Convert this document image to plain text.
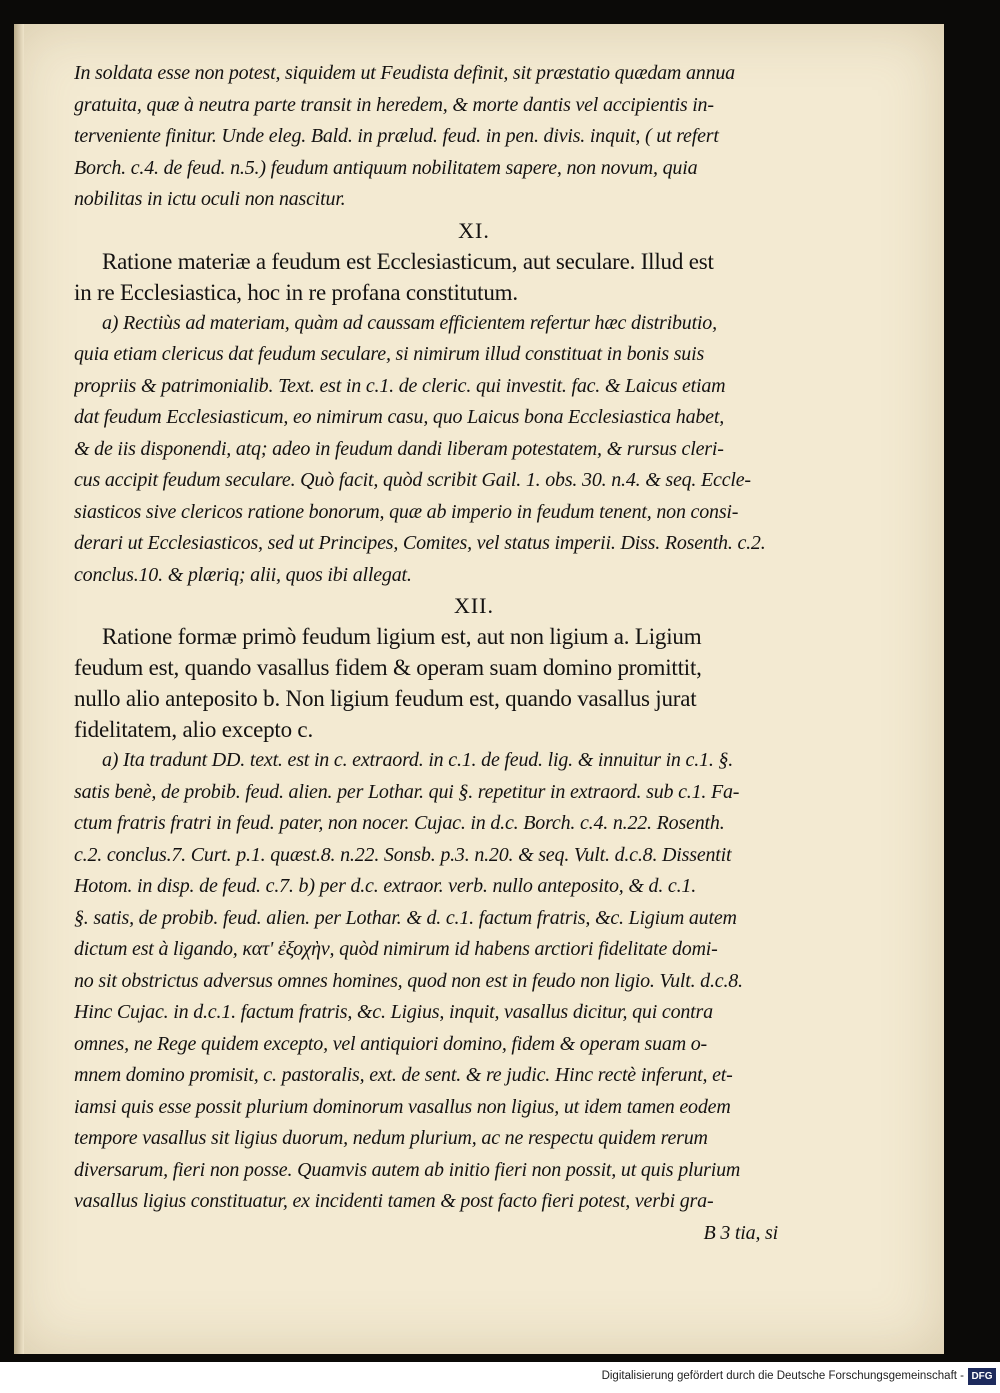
In soldata esse non potest, siquidem ut Feudista definit, sit præstatio quædam annua
gratuita, quæ à neutra parte transit in heredem, & morte dantis vel accipientis in-
terveniente finitur. Unde eleg. Bald. in prælud. feud. in pen. divis. inquit, ( ut refert
Borch. c.4. de feud. n.5.) feudum antiquum nobilitatem sapere, non novum, quia
nobilitas in ictu oculi non nascitur.
XI.
Ratione materiæ a feudum est Ecclesiasticum, aut seculare. Illud est
in re Ecclesiastica, hoc in re profana constitutum.
a) Rectiùs ad materiam, quàm ad caussam efficientem refertur hæc distributio,
quia etiam clericus dat feudum seculare, si nimirum illud constituat in bonis suis
propriis & patrimonialib. Text. est in c.1. de cleric. qui investit. fac. & Laicus etiam
dat feudum Ecclesiasticum, eo nimirum casu, quo Laicus bona Ecclesiastica habet,
& de iis disponendi, atq; adeo in feudum dandi liberam potestatem, & rursus cleri-
cus accipit feudum seculare. Quò facit, quòd scribit Gail. 1. obs. 30. n.4. & seq. Eccle-
siasticos sive clericos ratione bonorum, quæ ab imperio in feudum tenent, non consi-
derari ut Ecclesiasticos, sed ut Principes, Comites, vel status imperii. Diss. Rosenth. c.2.
conclus.10. & plæriq; alii, quos ibi allegat.
XII.
Ratione formæ primò feudum ligium est, aut non ligium a. Ligium
feudum est, quando vasallus fidem & operam suam domino promittit,
nullo alio anteposito b. Non ligium feudum est, quando vasallus jurat
fidelitatem, alio excepto c.
a) Ita tradunt DD. text. est in c. extraord. in c.1. de feud. lig. & innuitur in c.1. §.
satis benè, de probib. feud. alien. per Lothar. qui §. repetitur in extraord. sub c.1. Fa-
ctum fratris fratri in feud. pater, non nocer. Cujac. in d.c. Borch. c.4. n.22. Rosenth.
c.2. conclus.7. Curt. p.1. quæst.8. n.22. Sonsb. p.3. n.20. & seq. Vult. d.c.8. Dissentit
Hotom. in disp. de feud. c.7. b) per d.c. extraor. verb. nullo anteposito, & d. c.1.
§. satis, de probib. feud. alien. per Lothar. & d. c.1. factum fratris, &c. Ligium autem
dictum est à ligando, κατ' ἐξοχὴν, quòd nimirum id habens arctiori fidelitate domi-
no sit obstrictus adversus omnes homines, quod non est in feudo non ligio. Vult. d.c.8.
Hinc Cujac. in d.c.1. factum fratris, &c. Ligius, inquit, vasallus dicitur, qui contra
omnes, ne Rege quidem excepto, vel antiquiori domino, fidem & operam suam o-
mnem domino promisit, c. pastoralis, ext. de sent. & re judic. Hinc rectè inferunt, et-
iamsi quis esse possit plurium dominorum vasallus non ligius, ut idem tamen eodem
tempore vasallus sit ligius duorum, nedum plurium, ac ne respectu quidem rerum
diversarum, fieri non posse. Quamvis autem ab initio fieri non possit, ut quis plurium
vasallus ligius constituatur, ex incidenti tamen & post facto fieri potest, verbi gra-
B 3 tia, si
Digitalisierung gefördert durch die Deutsche Forschungsgemeinschaft - DFG
